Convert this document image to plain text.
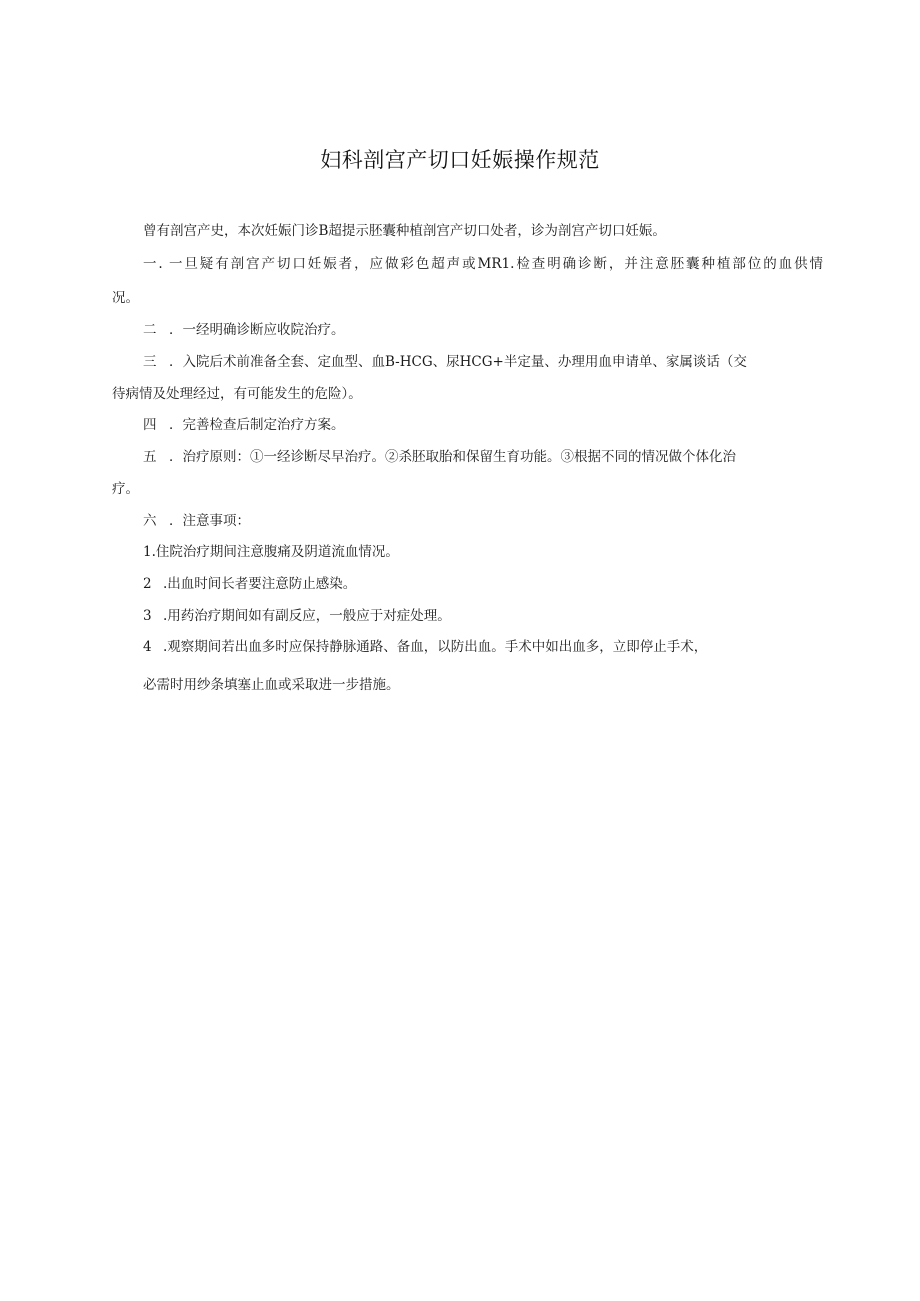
妇科剖宫产切口妊娠操作规范
曾有剖宫产史，本次妊娠门诊B超提示胚囊种植剖宫产切口处者，诊为剖宫产切口妊娠。
一. 一旦疑有剖宫产切口妊娠者，应做彩色超声或MR1.检查明确诊断，并注意胚囊种植部位的血供情
况。
二 ．一经明确诊断应收院治疗。
三 ．入院后术前准备全套、定血型、血B-HCG、尿HCG+半定量、办理用血申请单、家属谈话（交
待病情及处理经过，有可能发生的危险）。
四 ．完善检查后制定治疗方案。
五 ．治疗原则：①一经诊断尽早治疗。②杀胚取胎和保留生育功能。③根据不同的情况做个体化治
疗。
六 ．注意事项：
1.住院治疗期间注意腹痛及阴道流血情况。
2 .出血时间长者要注意防止感染。
3 .用药治疗期间如有副反应，一般应于对症处理。
4 .观察期间若出血多时应保持静脉通路、备血，以防出血。手术中如出血多，立即停止手术，
必需时用纱条填塞止血或采取进一步措施。
